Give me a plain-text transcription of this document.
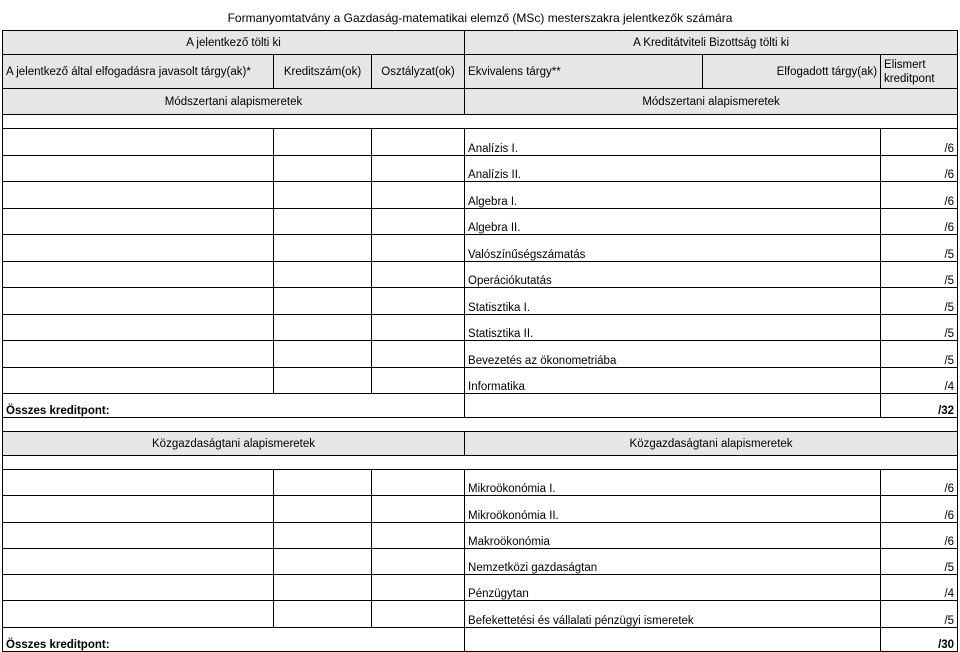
Formanyomtatvány a Gazdaság-matematikai elemző (MSc) mesterszakra jelentkezők számára
A jelentkező tölti ki			A Kreditátviteli Bizottság tölti ki		
A jelentkező által elfogadásra javasolt tárgy(ak)*	Kreditszám(ok)	Osztályzat(ok)	Ekvivalens tárgy**	Elfogadott tárgy(ak)	Elismert
kreditpont
Módszertani alapismeretek			Módszertani alapismeretek		

			Analízis I.		/6
			Analízis II.		/6
			Algebra I.		/6
			Algebra II.		/6
			Valószínűségszámatás		/5
			Operációkutatás		/5
			Statisztika I.		/5
			Statisztika II.		/5
			Bevezetés az ökonometriába		/5
			Informatika		/4
Összes kreditpont:					/32

Közgazdaságtani alapismeretek			Közgazdaságtani alapismeretek		

			Mikroökonómia I.		/6
			Mikroökonómia II.		/6
			Makroökonómia		/6
			Nemzetközi gazdaságtan		/5
			Pénzügytan		/4
			Befekettetési és vállalati pénzügyi ismeretek		/5
Összes kreditpont:					/30
